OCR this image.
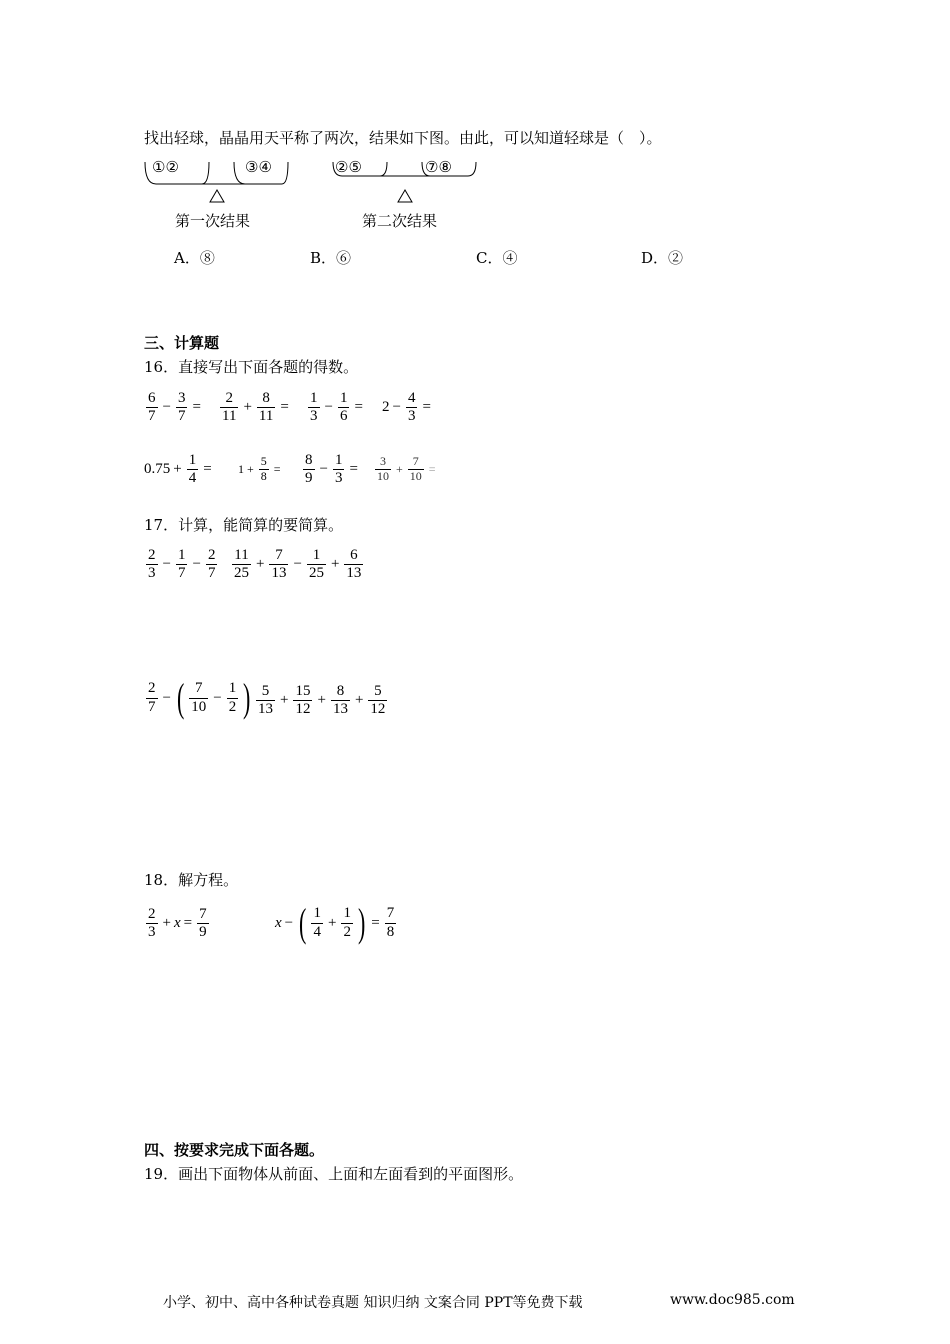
找出轻球，晶晶用天平称了两次，结果如下图。由此，可以知道轻球是（　）。
①②	③④
第一次结果
②⑤	⑦⑧
第二次结果
A．⑧	B．⑥	C．④	D．②
三、计算题
16．直接写出下面各题的得数。
$\frac{6}{7} - \frac{3}{7} = \frac{2}{11} + \frac{8}{11} = \frac{1}{3} - \frac{1}{6} = 2 - \frac{4}{3}$ =
$0.75 + \frac{1}{4} = 1 + \frac{5}{8} = \frac{8}{9} - \frac{1}{3} = \frac{3}{10} + \frac{7}{10}$ =
17．计算，能简算的要简算。
$\frac{2}{3} - \frac{1}{7} - \frac{2}{7} \frac{11}{25} + \frac{7}{13} - \frac{1}{25} + \frac{6}{13}$
$\frac{2}{7}$ − ( $\frac{7}{10} - \frac{1}{2}$ ) $\frac{5}{13} + \frac{15}{12} + \frac{8}{13} + \frac{5}{12}$
18．解方程。
$\frac{2}{3} + x = \frac{7}{9}$	x − ( $\frac{1}{4} + \frac{1}{2}$ ) = $\frac{7}{8}$
四、按要求完成下面各题。
19．画出下面物体从前面、上面和左面看到的平面图形。
小学、初中、高中各种试卷真题 知识归纳 文案合同 PPT等免费下载	www.doc985.com
